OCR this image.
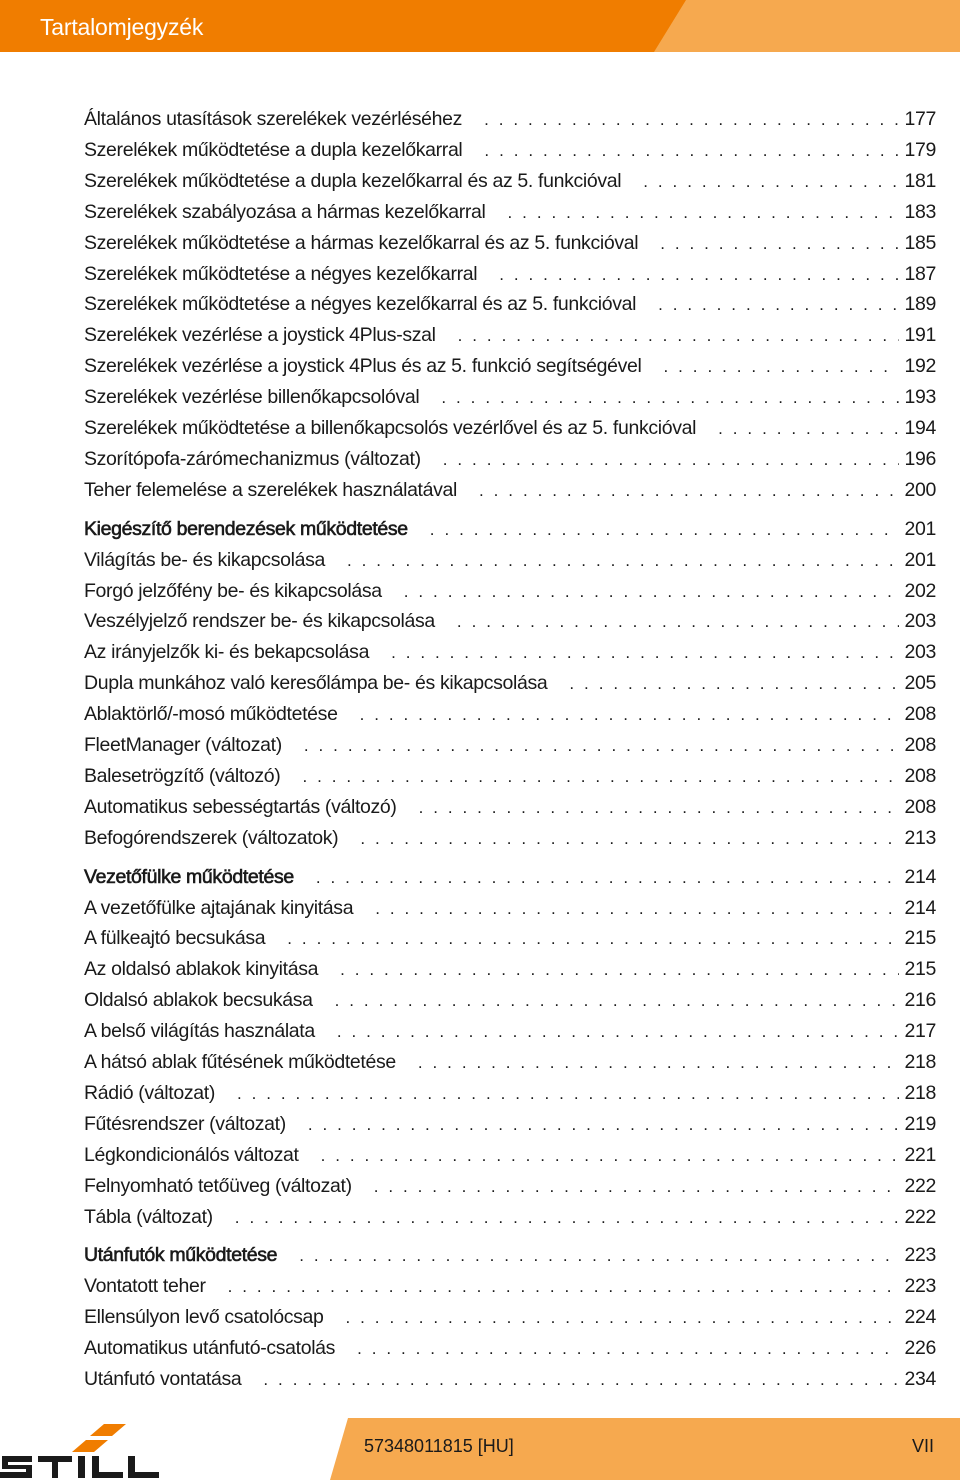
Tartalomjegyzék
Általános utasítások szerelékek vezérléséhez . . .	177
Szerelékek működtetése a dupla kezelőkarral . . .	179
Szerelékek működtetése a dupla kezelőkarral és az 5. funkcióval . . .	181
Szerelékek szabályozása a hármas kezelőkarral . . .	183
Szerelékek működtetése a hármas kezelőkarral és az 5. funkcióval . . .	185
Szerelékek működtetése a négyes kezelőkarral . . .	187
Szerelékek működtetése a négyes kezelőkarral és az 5. funkcióval . . .	189
Szerelékek vezérlése a joystick 4Plus-szal . . .	191
Szerelékek vezérlése a joystick 4Plus és az 5. funkció segítségével . . .	192
Szerelékek vezérlése billenőkapcsolóval . . .	193
Szerelékek működtetése a billenőkapcsolós vezérlővel és az 5. funkcióval . . .	194
Szorítópofa-zárómechanizmus (változat) . . .	196
Teher felemelése a szerelékek használatával . . .	200
Kiegészítő berendezések működtetése . . .	201
Világítás be- és kikapcsolása . . .	201
Forgó jelzőfény be- és kikapcsolása . . .	202
Veszélyjelző rendszer be- és kikapcsolása . . .	203
Az irányjelzők ki- és bekapcsolása . . .	203
Dupla munkához való keresőlámpa be- és kikapcsolása . . .	205
Ablaktörlő/-mosó működtetése . . .	208
FleetManager (változat) . . .	208
Balesetrögzítő (változó) . . .	208
Automatikus sebességtartás (változó) . . .	208
Befogórendszerek (változatok) . . .	213
Vezetőfülke működtetése . . .	214
A vezetőfülke ajtajának kinyitása . . .	214
A fülkeajtó becsukása . . .	215
Az oldalsó ablakok kinyitása . . .	215
Oldalsó ablakok becsukása . . .	216
A belső világítás használata . . .	217
A hátsó ablak fűtésének működtetése . . .	218
Rádió (változat) . . .	218
Fűtésrendszer (változat) . . .	219
Légkondicionálós változat . . .	221
Felnyomható tetőüveg (változat) . . .	222
Tábla (változat) . . .	222
Utánfutók működtetése . . .	223
Vontatott teher . . .	223
Ellensúlyon levő csatolócsap . . .	224
Automatikus utánfutó-csatolás . . .	226
Utánfutó vontatása . . .	234
57348011815 [HU]	VII
